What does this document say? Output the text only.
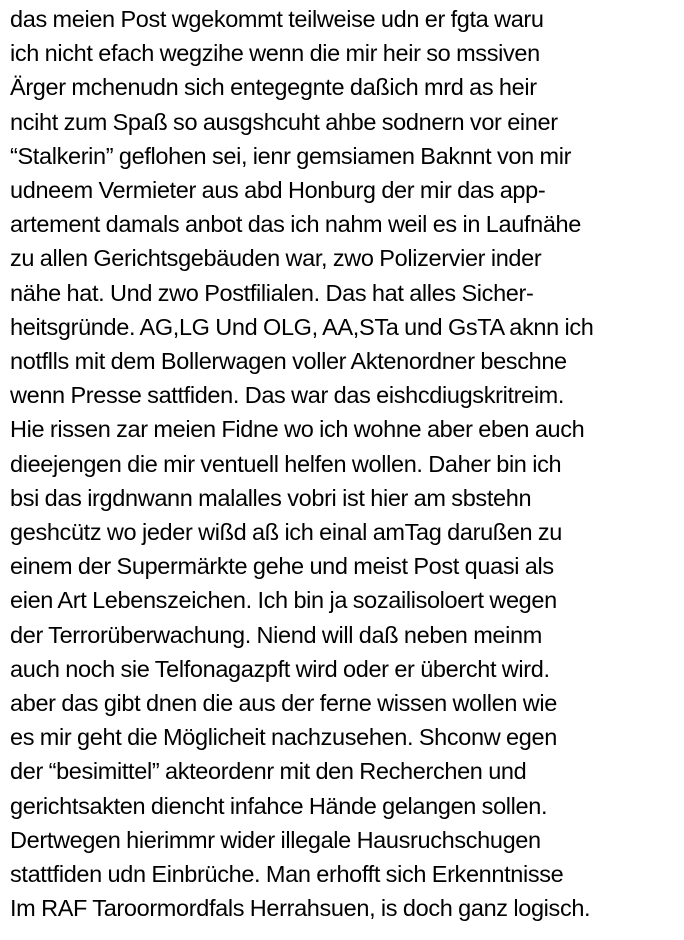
das meien Post wgekommt teilweise udn er fgta waru
ich nicht efach wegzihe wenn die mir heir so mssiven
Ärger mchenudn sich entegegnte daßich mrd as heir
nciht zum Spaß so ausgshcuht ahbe sodnern vor einer
“Stalkerin” geflohen sei, ienr gemsiamen Baknnt von mir
udneem Vermieter aus abd Honburg der mir das app-
artement damals anbot das ich nahm weil es in Laufnähe
zu allen Gerichtsgebäuden war, zwo Polizervier inder
nähe hat. Und zwo Postfilialen. Das hat alles Sicher-
heitsgründe. AG,LG Und OLG, AA,STa und GsTA aknn ich
notflls mit dem Bollerwagen voller Aktenordner beschne
wenn Presse sattfiden. Das war das eishcdiugskritreim.
Hie rissen zar meien Fidne wo ich wohne aber eben auch
dieejengen die mir ventuell helfen wollen. Daher bin ich
bsi das irgdnwann malalles vobri ist hier am sbstehn
geshcütz wo jeder wißd aß ich einal amTag darußen zu
einem der Supermärkte gehe und meist Post quasi als
eien Art Lebenszeichen. Ich bin ja sozailisoloert wegen
der Terrorüberwachung. Niend will daß neben meinm
auch noch sie Telfonagazpft wird oder er übercht wird.
aber das gibt dnen die aus der ferne wissen wollen wie
es mir geht die Möglicheit nachzusehen. Shconw egen
der “besimittel” akteordenr mit den Recherchen und
gerichtsakten diencht infahce Hände gelangen sollen.
Dertwegen hierimmr wider illegale Hausruchschugen
stattfiden udn Einbrüche. Man erhofft sich Erkenntnisse
Im RAF Taroormordfals Herrahsuen, is doch ganz logisch.
